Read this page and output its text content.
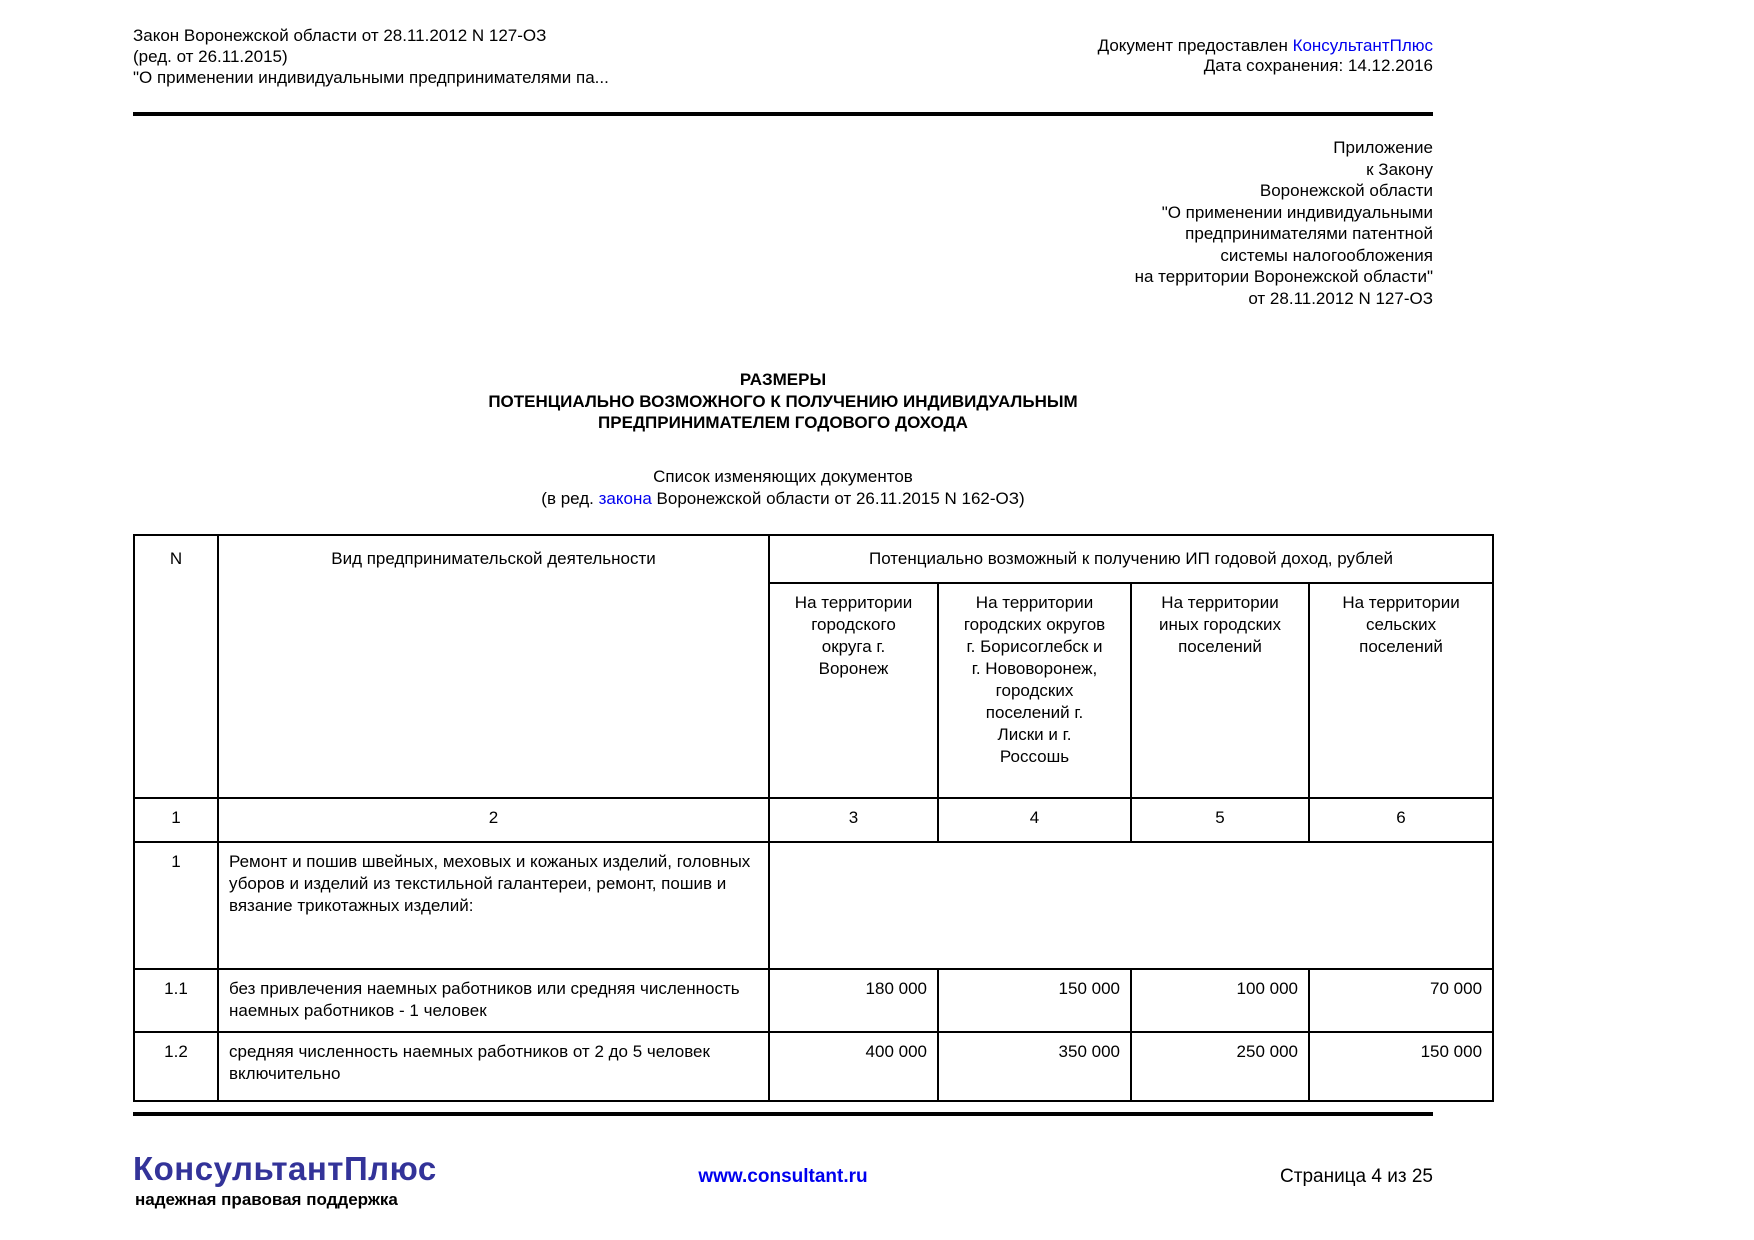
Закон Воронежской области от 28.11.2012 N 127-ОЗ
(ред. от 26.11.2015)
"О применении индивидуальными предпринимателями па...
Документ предоставлен КонсультантПлюс
Дата сохранения: 14.12.2016
Приложение
к Закону
Воронежской области
"О применении индивидуальными
предпринимателями патентной
системы налогообложения
на территории Воронежской области"
от 28.11.2012 N 127-ОЗ
РАЗМЕРЫ
ПОТЕНЦИАЛЬНО ВОЗМОЖНОГО К ПОЛУЧЕНИЮ ИНДИВИДУАЛЬНЫМ
ПРЕДПРИНИМАТЕЛЕМ ГОДОВОГО ДОХОДА
Список изменяющих документов
(в ред. закона Воронежской области от 26.11.2015 N 162-ОЗ)
N	Вид предпринимательской деятельности	Потенциально возможный к получению ИП годовой доход, рублей			
На территории
городского
округа г.
Воронеж	На территории
городских округов
г. Борисоглебск и
г. Нововоронеж,
городских
поселений г.
Лиски и г.
Россошь	На территории
иных городских
поселений	На территории
сельских
поселений
1	2	3	4	5	6
1	Ремонт и пошив швейных, меховых и кожаных изделий, головных уборов и изделий из текстильной галантереи, ремонт, пошив и вязание трикотажных изделий:				
1.1	без привлечения наемных работников или средняя численность наемных работников - 1 человек	180 000	150 000	100 000	70 000
1.2	средняя численность наемных работников от 2 до 5 человек включительно	400 000	350 000	250 000	150 000
КонсультантПлюс
надежная правовая поддержка
www.consultant.ru	Страница 4 из 25
